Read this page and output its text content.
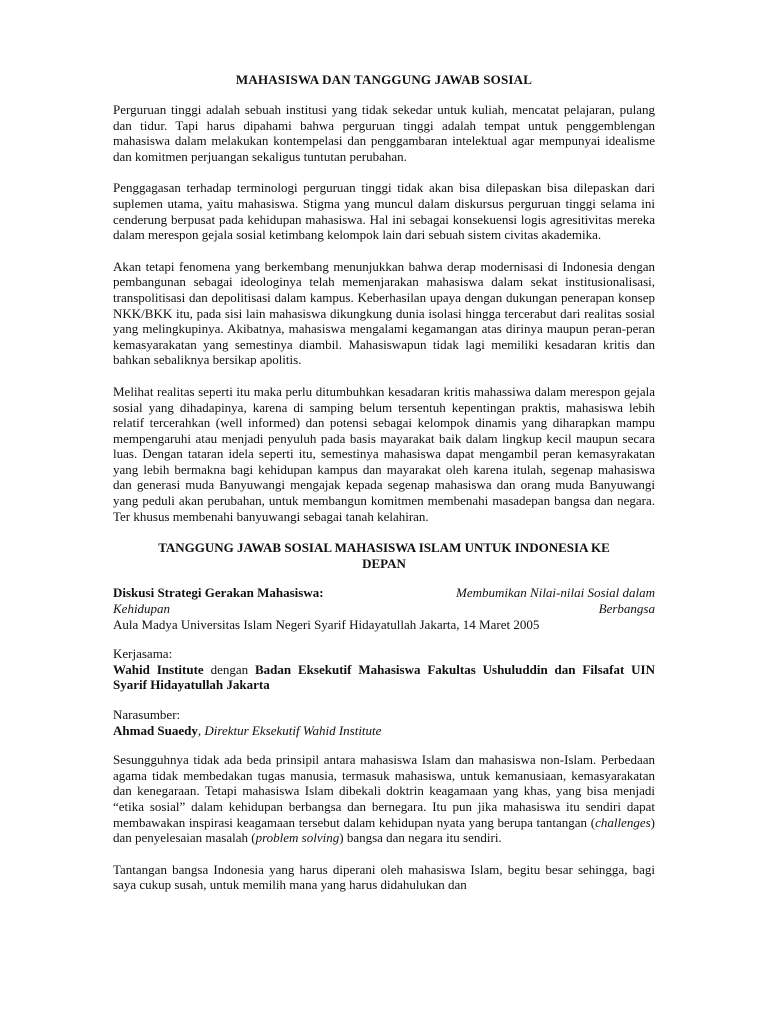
MAHASISWA DAN TANGGUNG JAWAB SOSIAL

Perguruan tinggi adalah sebuah institusi yang tidak sekedar untuk kuliah, mencatat pelajaran, pulang dan tidur. Tapi harus dipahami bahwa perguruan tinggi adalah tempat untuk penggemblengan mahasiswa dalam melakukan kontempelasi dan penggambaran intelektual agar mempunyai idealisme dan komitmen perjuangan sekaligus tuntutan perubahan.

Penggagasan terhadap terminologi perguruan tinggi tidak akan bisa dilepaskan bisa dilepaskan dari suplemen utama, yaitu mahasiswa. Stigma yang muncul dalam diskursus perguruan tinggi selama ini cenderung berpusat pada kehidupan mahasiswa. Hal ini sebagai konsekuensi logis agresitivitas mereka dalam merespon gejala sosial ketimbang kelompok lain dari sebuah sistem civitas akademika.

Akan tetapi fenomena yang berkembang menunjukkan bahwa derap modernisasi di Indonesia dengan pembangunan sebagai ideologinya telah memenjarakan mahasiswa dalam sekat institusionalisasi, transpolitisasi dan depolitisasi dalam kampus. Keberhasilan upaya dengan dukungan penerapan konsep NKK/BKK itu, pada sisi lain mahasiswa dikungkung dunia isolasi hingga tercerabut dari realitas sosial yang melingkupinya. Akibatnya, mahasiswa mengalami kegamangan atas dirinya maupun peran-peran kemasyarakatan yang semestinya diambil. Mahasiswapun tidak lagi memiliki kesadaran kritis dan bahkan sebaliknya bersikap apolitis.

Melihat realitas seperti itu maka perlu ditumbuhkan kesadaran kritis mahassiwa dalam merespon gejala sosial yang dihadapinya, karena di samping belum tersentuh kepentingan praktis, mahasiswa lebih relatif tercerahkan (well informed) dan potensi sebagai kelompok dinamis yang diharapkan mampu mempengaruhi atau menjadi penyuluh pada basis mayarakat baik dalam lingkup kecil maupun secara luas. Dengan tataran idela seperti itu, semestinya mahasiswa dapat mengambil peran kemasyrakatan yang lebih bermakna bagi kehidupan kampus dan mayarakat oleh karena itulah, segenap mahasiswa dan generasi muda Banyuwangi mengajak kepada segenap mahasiswa dan orang muda Banyuwangi yang peduli akan perubahan, untuk membangun komitmen membenahi masadepan bangsa dan negara. Ter khusus membenahi banyuwangi sebagai tanah kelahiran.

TANGGUNG JAWAB SOSIAL MAHASISWA ISLAM UNTUK INDONESIA KE DEPAN
Diskusi Strategi Gerakan Mahasiswa:	Membumikan Nilai-nilai Sosial dalam
Kehidupan	Berbangsa
Aula Madya Universitas Islam Negeri Syarif Hidayatullah Jakarta, 14 Maret 2005
Kerjasama:
Wahid Institute dengan Badan Eksekutif Mahasiswa Fakultas Ushuluddin dan Filsafat UIN Syarif Hidayatullah Jakarta
Narasumber:
Ahmad Suaedy, Direktur Eksekutif Wahid Institute

Sesungguhnya tidak ada beda prinsipil antara mahasiswa Islam dan mahasiswa non-Islam. Perbedaan agama tidak membedakan tugas manusia, termasuk mahasiswa, untuk kemanusiaan, kemasyarakatan dan kenegaraan. Tetapi mahasiswa Islam dibekali doktrin keagamaan yang khas, yang bisa menjadi “etika sosial” dalam kehidupan berbangsa dan bernegara. Itu pun jika mahasiswa itu sendiri dapat membawakan inspirasi keagamaan tersebut dalam kehidupan nyata yang berupa tantangan (challenges) dan penyelesaian masalah (problem solving) bangsa dan negara itu sendiri.

Tantangan bangsa Indonesia yang harus diperani oleh mahasiswa Islam, begitu besar sehingga, bagi saya cukup susah, untuk memilih mana yang harus didahulukan dan
